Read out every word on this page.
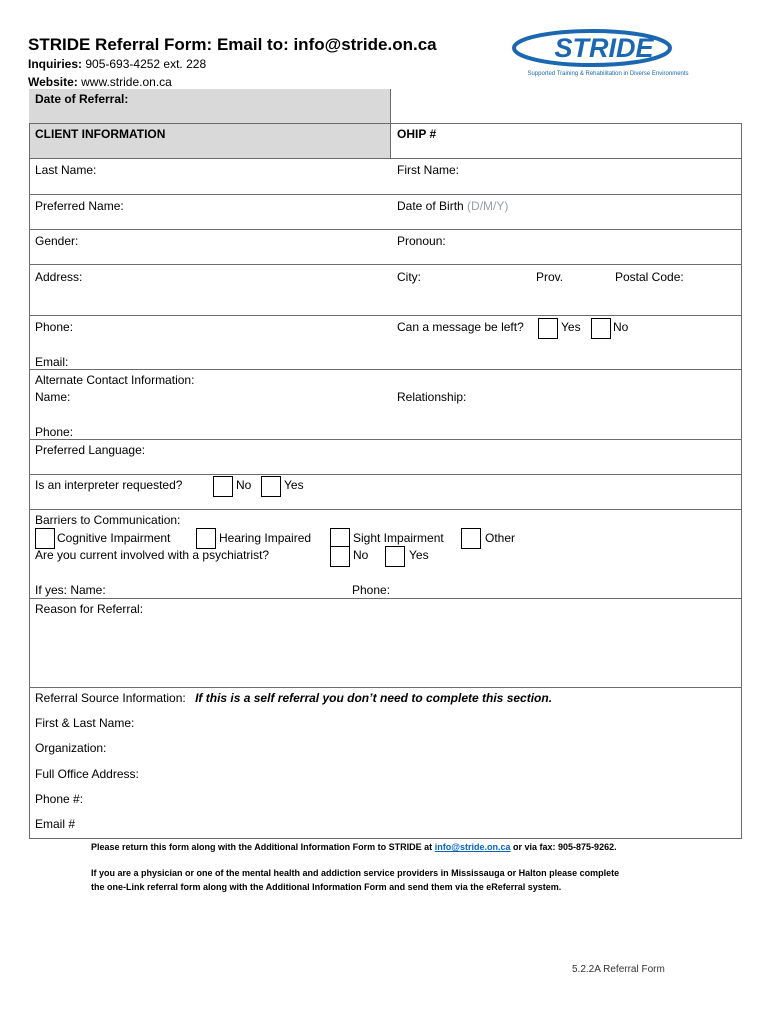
STRIDE Referral Form: Email to: info@stride.on.ca
Inquiries: 905-693-4252 ext. 228
Website: www.stride.on.ca
STRIDE
Supported Training & Rehabilitation in Diverse Environments
Date of Referral:
CLIENT INFORMATION	OHIP #
Last Name:	First Name:
Preferred Name:	Date of Birth (D/M/Y)
Gender:	Pronoun:
Address:	City:	Prov.	Postal Code:
Phone:	Can a message be left?	Yes	No
Email:
Alternate Contact Information:
Name:	Relationship:
Phone:
Preferred Language:
Is an interpreter requested?	No	Yes
Barriers to Communication:
Cognitive Impairment	Hearing Impaired	Sight Impairment	Other
Are you current involved with a psychiatrist?	No	Yes
If yes: Name:	Phone:
Reason for Referral:
Referral Source Information: If this is a self referral you don’t need to complete this section.
First & Last Name:
Organization:
Full Office Address:
Phone #:
Email #
Please return this form along with the Additional Information Form to STRIDE at info@stride.on.ca or via fax: 905-875-9262.
If you are a physician or one of the mental health and addiction service providers in Mississauga or Halton please complete
the one-Link referral form along with the Additional Information Form and send them via the eReferral system.
5.2.2A Referral Form
